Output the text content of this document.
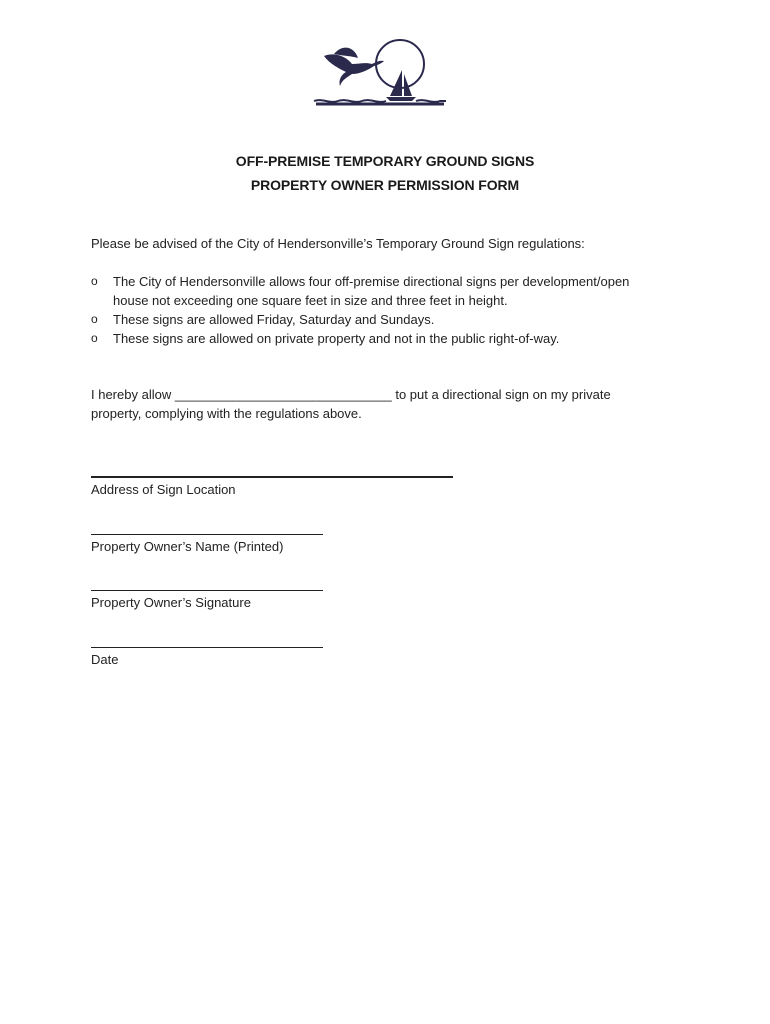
OFF-PREMISE TEMPORARY GROUND SIGNS
PROPERTY OWNER PERMISSION FORM
Please be advised of the City of Hendersonville’s Temporary Ground Sign regulations:
o The City of Hendersonville allows four off-premise directional signs per development/open
house not exceeding one square feet in size and three feet in height.
o These signs are allowed Friday, Saturday and Sundays.
o These signs are allowed on private property and not in the public right-of-way.
I hereby allow ______________________________ to put a directional sign on my private
property, complying with the regulations above.
Address of Sign Location
Property Owner’s Name (Printed)
Property Owner’s Signature
Date
